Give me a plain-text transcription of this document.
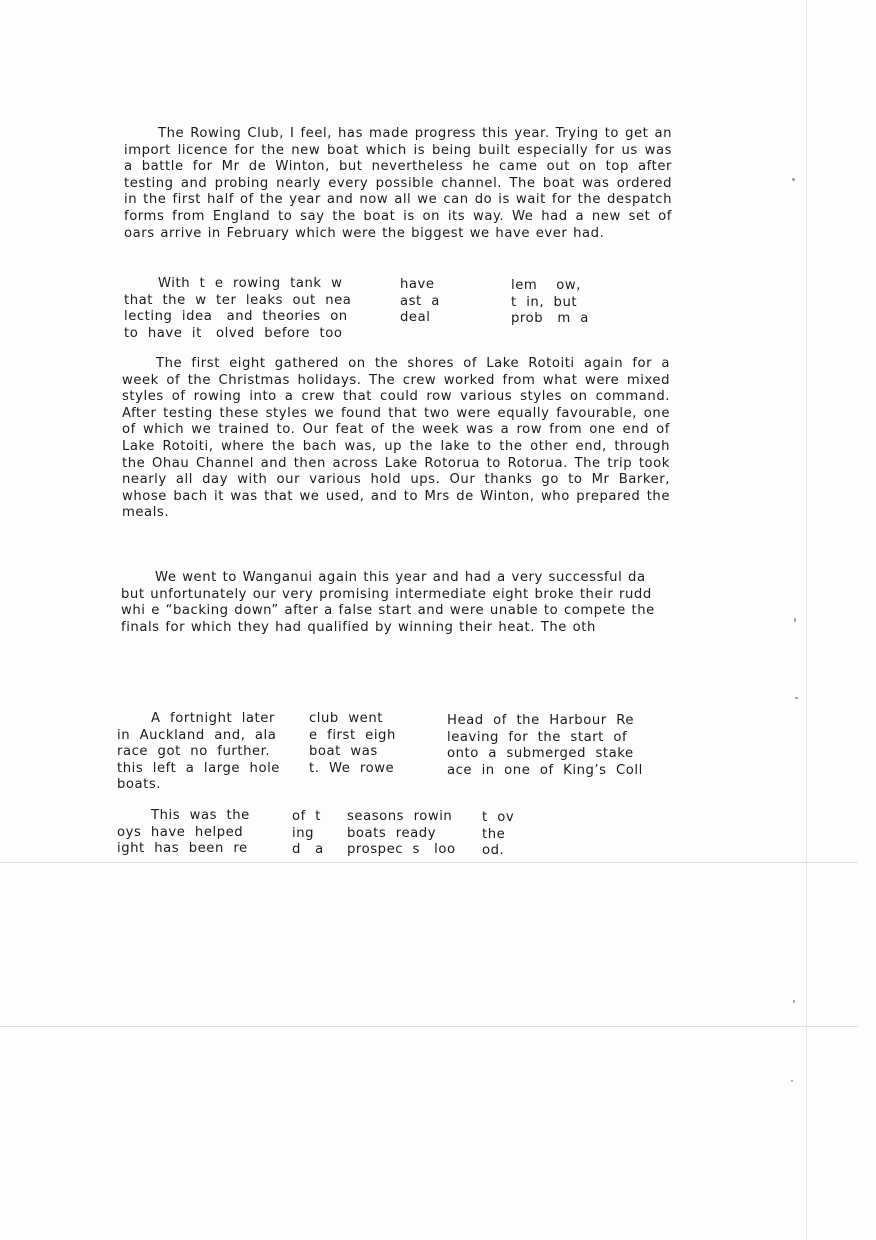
The Rowing Club, I feel, has made progress this year. Trying to get an import licence for the new boat which is being built especially for us was a battle for Mr de Winton, but nevertheless he came out on top after testing and probing nearly every possible channel. The boat was ordered in the first half of the year and now all we can do is wait for the despatch forms from England to say the boat is on its way. We had a new set of oars arrive in February which were the biggest we have ever had.

With  t  e  rowing  tank  w
that  the  w  ter  leaks  out  nea
lecting  idea   and  theories  on
to  have  it   olved  before  too

have
ast  a
deal

lem    ow,
t  in,  but
prob   m  a

The first eight gathered on the shores of Lake Rotoiti again for a week of the Christmas holidays. The crew worked from what were mixed styles of rowing into a crew that could row various styles on command. After testing these styles we found that two were equally favourable, one of which we trained to. Our feat of the week was a row from one end of Lake Rotoiti, where the bach was, up the lake to the other end, through the Ohau Channel and then across Lake Rotorua to Rotorua. The trip took nearly all day with our various hold ups. Our thanks go to Mr Barker, whose bach it was that we used, and to Mrs de Winton, who prepared the meals.

We went to Wanganui again this year and had a very successful da but unfortunately our very promising intermediate eight broke their rudd whi e “backing down” after a false start and were unable to compete the finals for which they had qualified by winning their heat. The oth

A  fortnight  later
in  Auckland  and,  ala
race  got  no  further.
this  left  a  large  hole
boats.

club  went
e  first  eigh
boat  was
t.  We  rowe

Head  of  the  Harbour  Re
leaving  for  the  start  of
onto  a  submerged  stake
ace  in  one  of  King’s  Coll

This  was  the
oys  have  helped
ight  has  been  re

of  t
ing
d   a

seasons  rowin
boats  ready
prospec  s   loo

t  ov
the
od.
